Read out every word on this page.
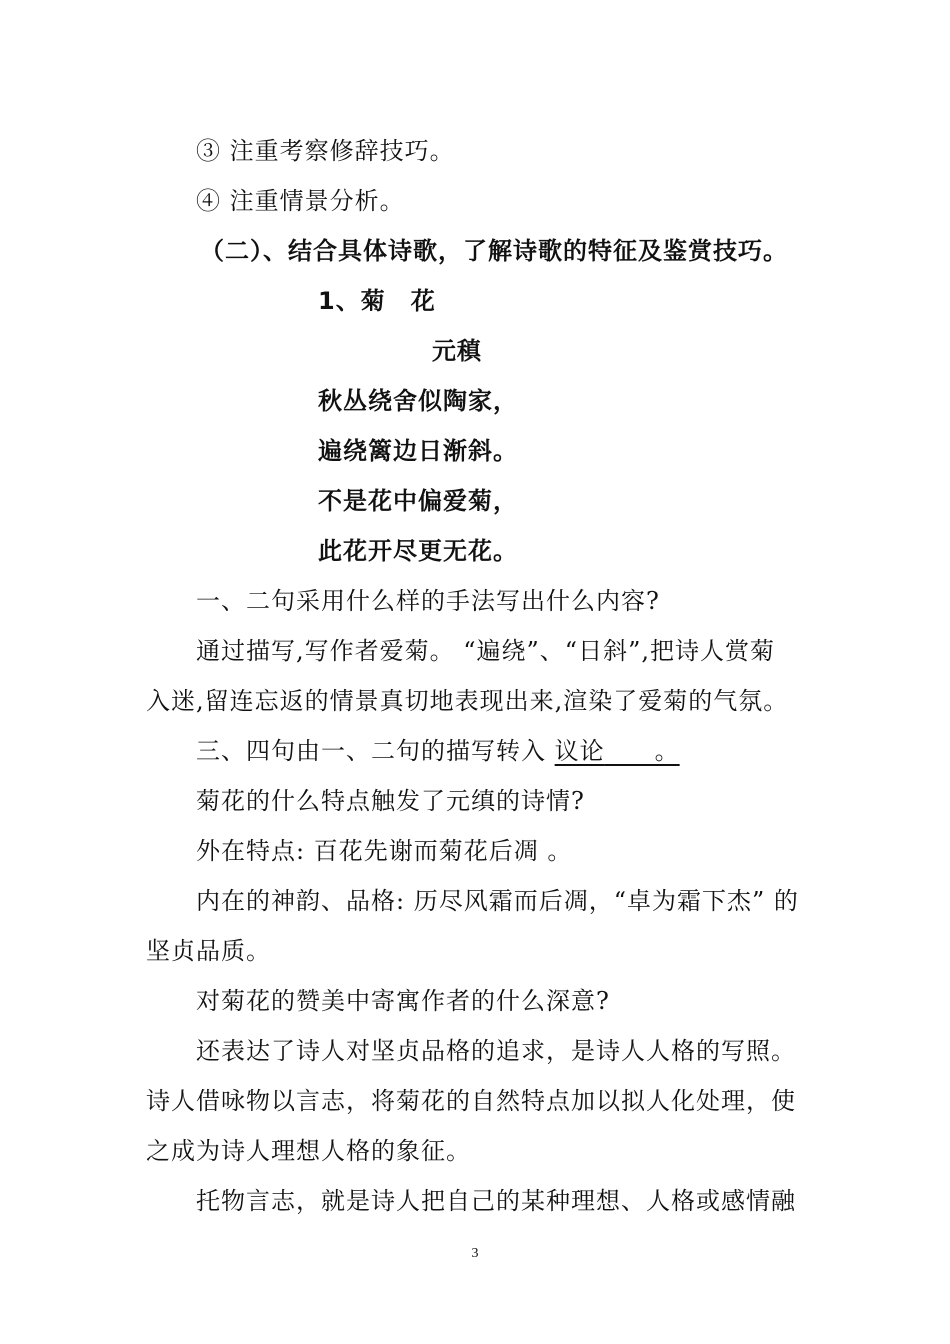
③ 注重考察修辞技巧。
④ 注重情景分析。
（二）、结合具体诗歌，了解诗歌的特征及鉴赏技巧。
1、菊　花
元稹
秋丛绕舍似陶家，
遍绕篱边日渐斜。
不是花中偏爱菊，
此花开尽更无花。
一、二句采用什么样的手法写出什么内容?
通过描写,写作者爱菊。 “遍绕”、“日斜”,把诗人赏菊
入迷,留连忘返的情景真切地表现出来,渲染了爱菊的气氛。
三、四句由一、二句的描写转入 议论　　。
菊花的什么特点触发了元缜的诗情?
外在特点: 百花先谢而菊花后凋 。
内在的神韵、品格: 历尽风霜而后凋，“卓为霜下杰” 的
坚贞品质。
对菊花的赞美中寄寓作者的什么深意?
还表达了诗人对坚贞品格的追求，是诗人人格的写照。
诗人借咏物以言志，将菊花的自然特点加以拟人化处理，使
之成为诗人理想人格的象征。
托物言志，就是诗人把自己的某种理想、人格或感情融
3
